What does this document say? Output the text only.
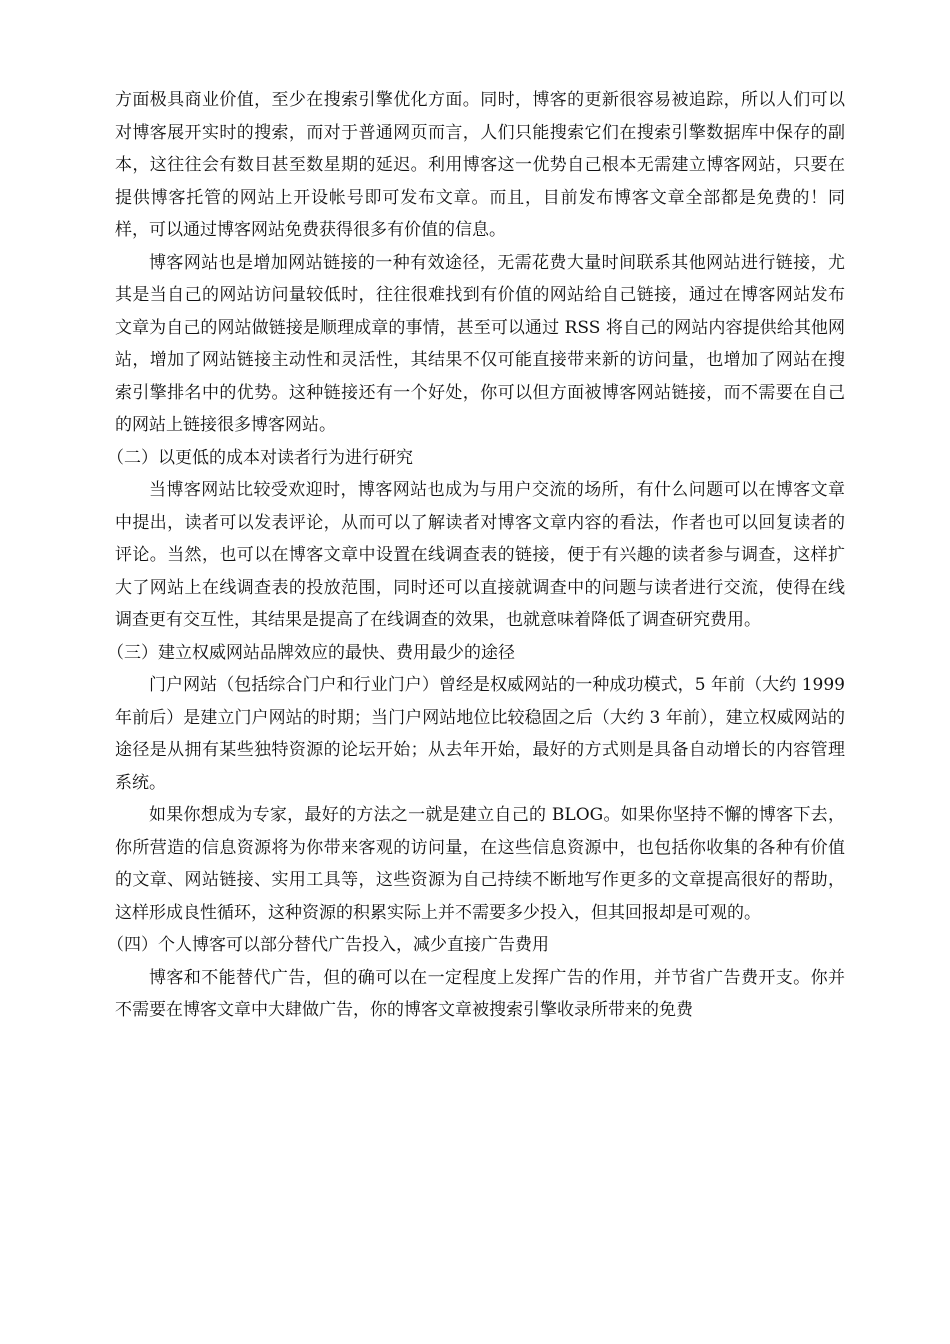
方面极具商业价值，至少在搜索引擎优化方面。同时，博客的更新很容易被追踪，所以人们可以对博客展开实时的搜索，而对于普通网页而言，人们只能搜索它们在搜索引擎数据库中保存的副本，这往往会有数目甚至数星期的延迟。利用博客这一优势自己根本无需建立博客网站，只要在提供博客托管的网站上开设帐号即可发布文章。而且，目前发布博客文章全部都是免费的！同样，可以通过博客网站免费获得很多有价值的信息。

博客网站也是增加网站链接的一种有效途径，无需花费大量时间联系其他网站进行链接，尤其是当自己的网站访问量较低时，往往很难找到有价值的网站给自己链接，通过在博客网站发布文章为自己的网站做链接是顺理成章的事情，甚至可以通过 RSS 将自己的网站内容提供给其他网站，增加了网站链接主动性和灵活性，其结果不仅可能直接带来新的访问量，也增加了网站在搜索引擎排名中的优势。这种链接还有一个好处，你可以但方面被博客网站链接，而不需要在自己的网站上链接很多博客网站。

（二）以更低的成本对读者行为进行研究

当博客网站比较受欢迎时，博客网站也成为与用户交流的场所，有什么问题可以在博客文章中提出，读者可以发表评论，从而可以了解读者对博客文章内容的看法，作者也可以回复读者的评论。当然，也可以在博客文章中设置在线调查表的链接，便于有兴趣的读者参与调查，这样扩大了网站上在线调查表的投放范围，同时还可以直接就调查中的问题与读者进行交流，使得在线调查更有交互性，其结果是提高了在线调查的效果，也就意味着降低了调查研究费用。

（三）建立权威网站品牌效应的最快、费用最少的途径

门户网站（包括综合门户和行业门户）曾经是权威网站的一种成功模式，5 年前（大约 1999 年前后）是建立门户网站的时期；当门户网站地位比较稳固之后（大约 3 年前），建立权威网站的途径是从拥有某些独特资源的论坛开始；从去年开始，最好的方式则是具备自动增长的内容管理系统。

如果你想成为专家，最好的方法之一就是建立自己的 BLOG。如果你坚持不懈的博客下去，你所营造的信息资源将为你带来客观的访问量，在这些信息资源中，也包括你收集的各种有价值的文章、网站链接、实用工具等，这些资源为自己持续不断地写作更多的文章提高很好的帮助，这样形成良性循环，这种资源的积累实际上并不需要多少投入，但其回报却是可观的。

（四）个人博客可以部分替代广告投入，减少直接广告费用

博客和不能替代广告，但的确可以在一定程度上发挥广告的作用，并节省广告费开支。你并不需要在博客文章中大肆做广告，你的博客文章被搜索引擎收录所带来的免费
